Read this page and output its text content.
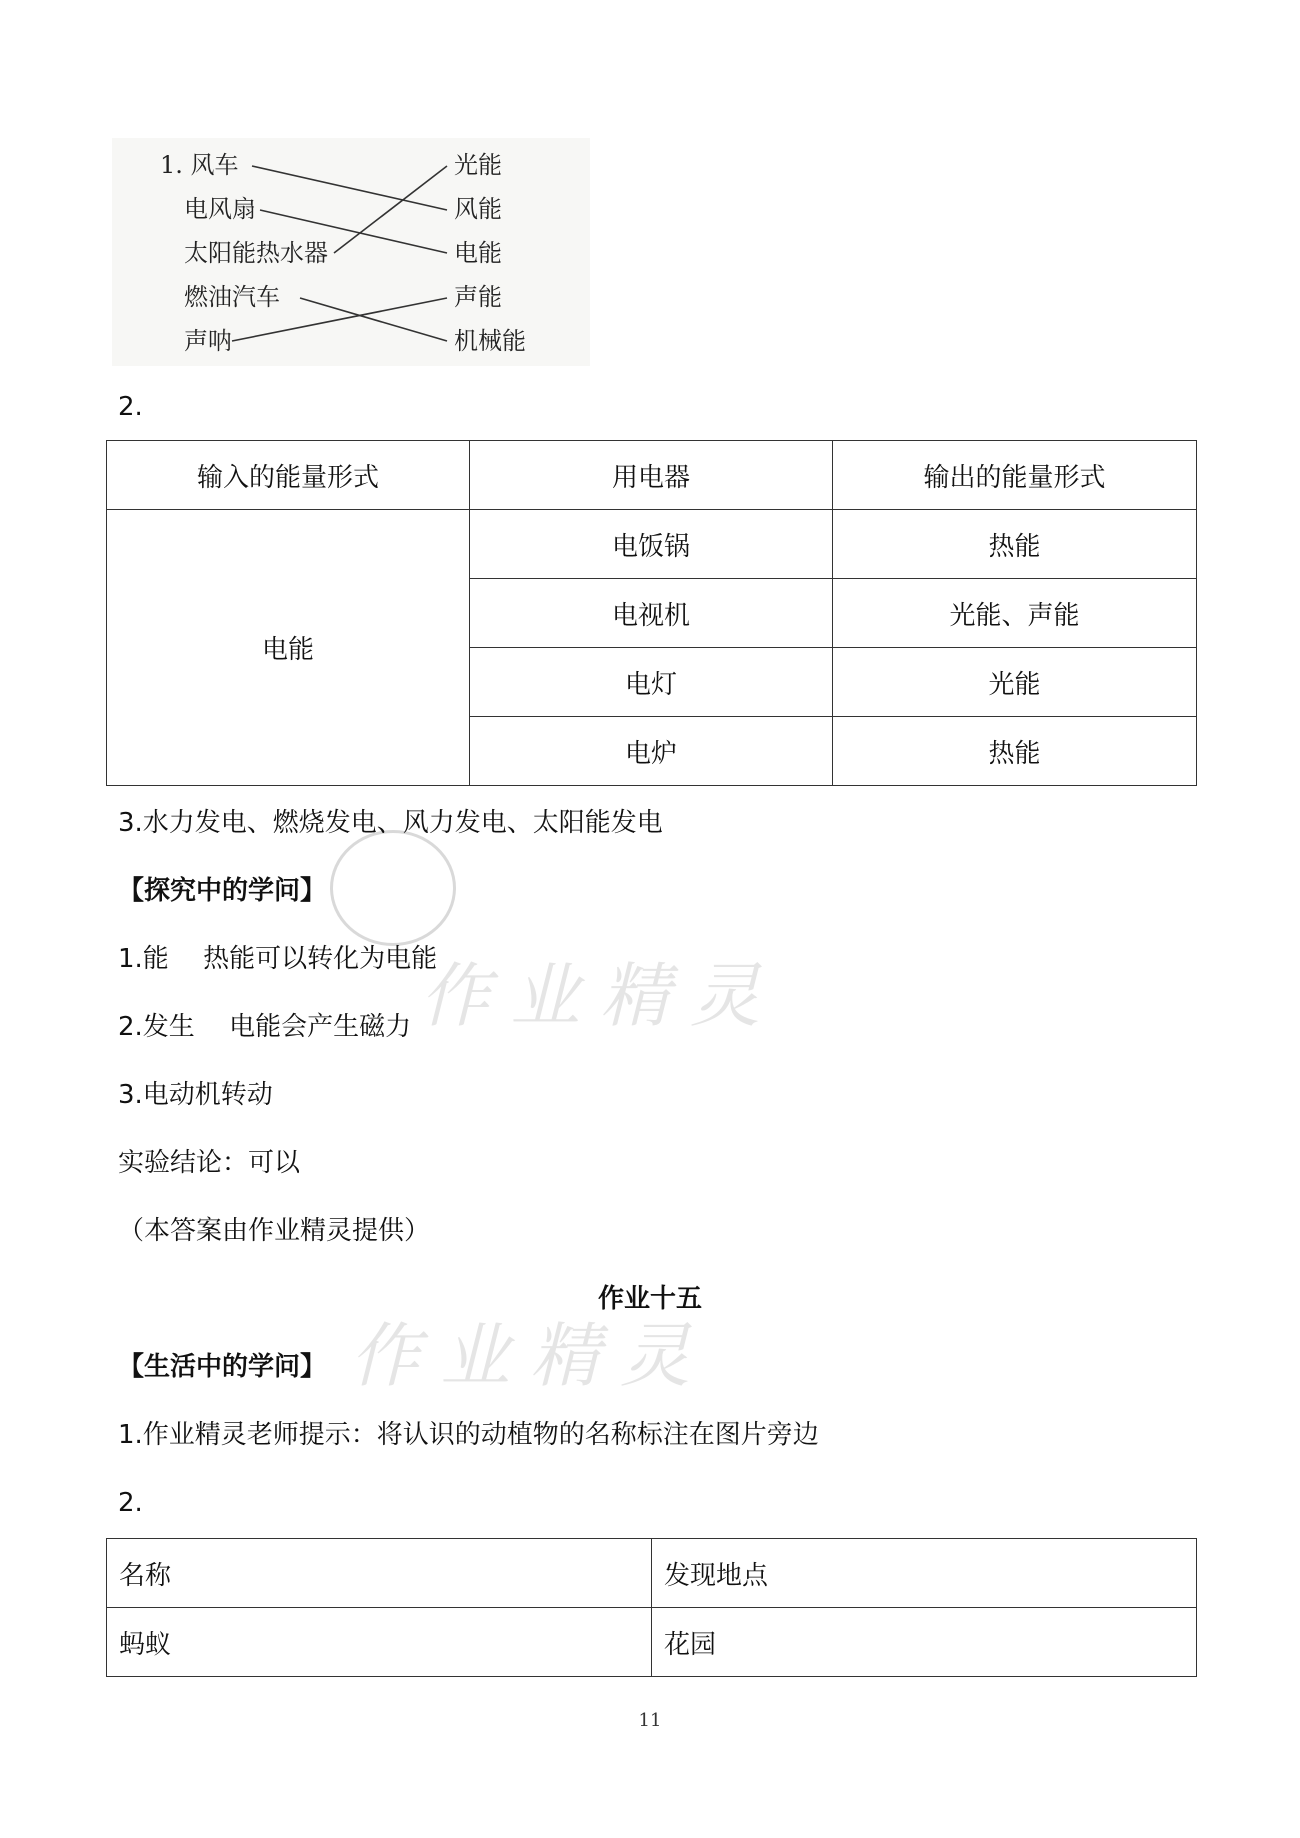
作业精灵
作业精灵
1. 风车
电风扇
太阳能热水器
燃油汽车
声呐
光能
风能
电能
声能
机械能
2.
输入的能量形式	用电器	输出的能量形式
电能	电饭锅	热能
	电视机	光能、声能
	电灯	光能
	电炉	热能
3.水力发电、燃烧发电、风力发电、太阳能发电
【探究中的学问】
1.能　 热能可以转化为电能
2.发生　 电能会产生磁力
3.电动机转动
实验结论：可以
（本答案由作业精灵提供）
作业十五
【生活中的学问】
1.作业精灵老师提示：将认识的动植物的名称标注在图片旁边
2.
名称	发现地点
蚂蚁	花园
11
